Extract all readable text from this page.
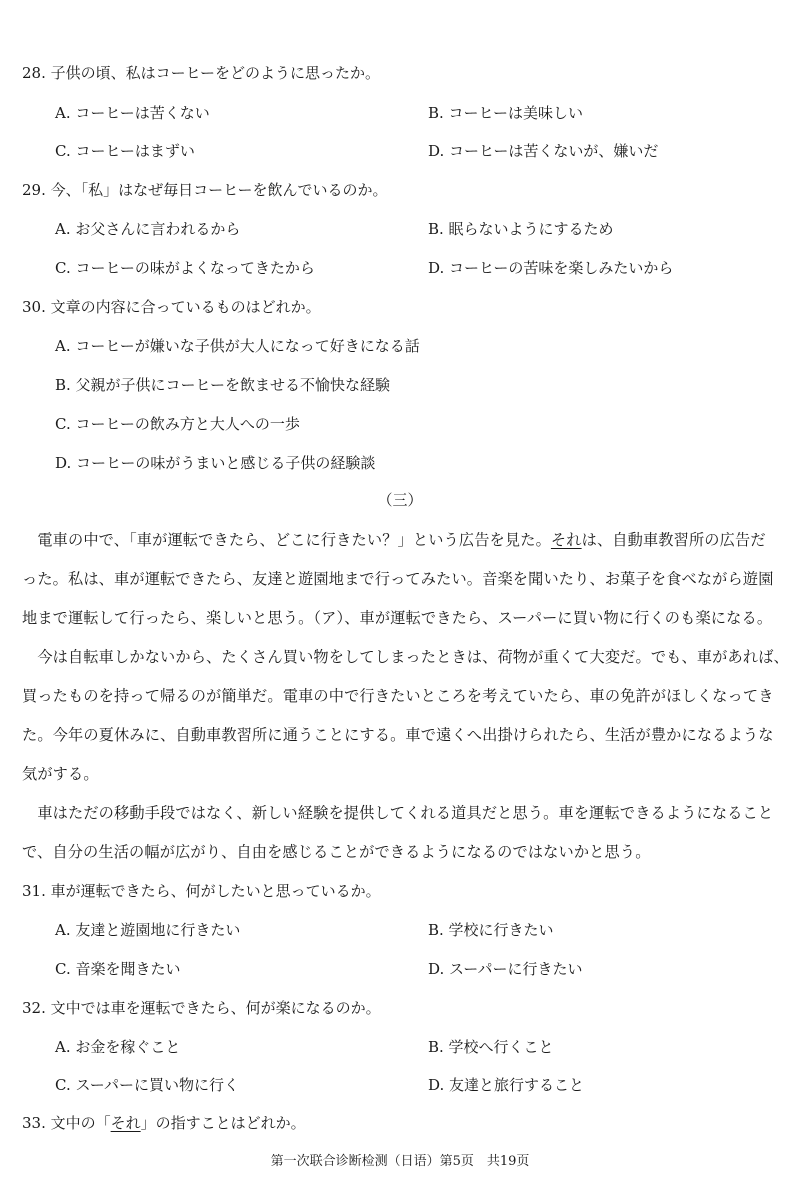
28. 子供の頃、私はコーヒーをどのように思ったか。
A. コーヒーは苦くない	B. コーヒーは美味しい
C. コーヒーはまずい	D. コーヒーは苦くないが、嫌いだ
29. 今、「私」はなぜ毎日コーヒーを飲んでいるのか。
A. お父さんに言われるから	B. 眠らないようにするため
C. コーヒーの味がよくなってきたから	D. コーヒーの苦味を楽しみたいから
30. 文章の内容に合っているものはどれか。
A. コーヒーが嫌いな子供が大人になって好きになる話
B. 父親が子供にコーヒーを飲ませる不愉快な経験
C. コーヒーの飲み方と大人への一歩
D. コーヒーの味がうまいと感じる子供の経験談
（三）
　電車の中で、「車が運転できたら、どこに行きたい？」という広告を見た。それは、自動車教習所の広告だ
った。私は、車が運転できたら、友達と遊園地まで行ってみたい。音楽を聞いたり、お菓子を食べながら遊園
地まで運転して行ったら、楽しいと思う。（ア）、車が運転できたら、スーパーに買い物に行くのも楽になる。
　今は自転車しかないから、たくさん買い物をしてしまったときは、荷物が重くて大変だ。でも、車があれば、
買ったものを持って帰るのが簡単だ。電車の中で行きたいところを考えていたら、車の免許がほしくなってき
た。今年の夏休みに、自動車教習所に通うことにする。車で遠くへ出掛けられたら、生活が豊かになるような
気がする。
　車はただの移動手段ではなく、新しい経験を提供してくれる道具だと思う。車を運転できるようになること
で、自分の生活の幅が広がり、自由を感じることができるようになるのではないかと思う。
31. 車が運転できたら、何がしたいと思っているか。
A. 友達と遊園地に行きたい	B. 学校に行きたい
C. 音楽を聞きたい	D. スーパーに行きたい
32. 文中では車を運転できたら、何が楽になるのか。
A. お金を稼ぐこと	B. 学校へ行くこと
C. スーパーに買い物に行く	D. 友達と旅行すること
33. 文中の「それ」の指すことはどれか。
第一次联合诊断检测（日语）第5页　共19页
